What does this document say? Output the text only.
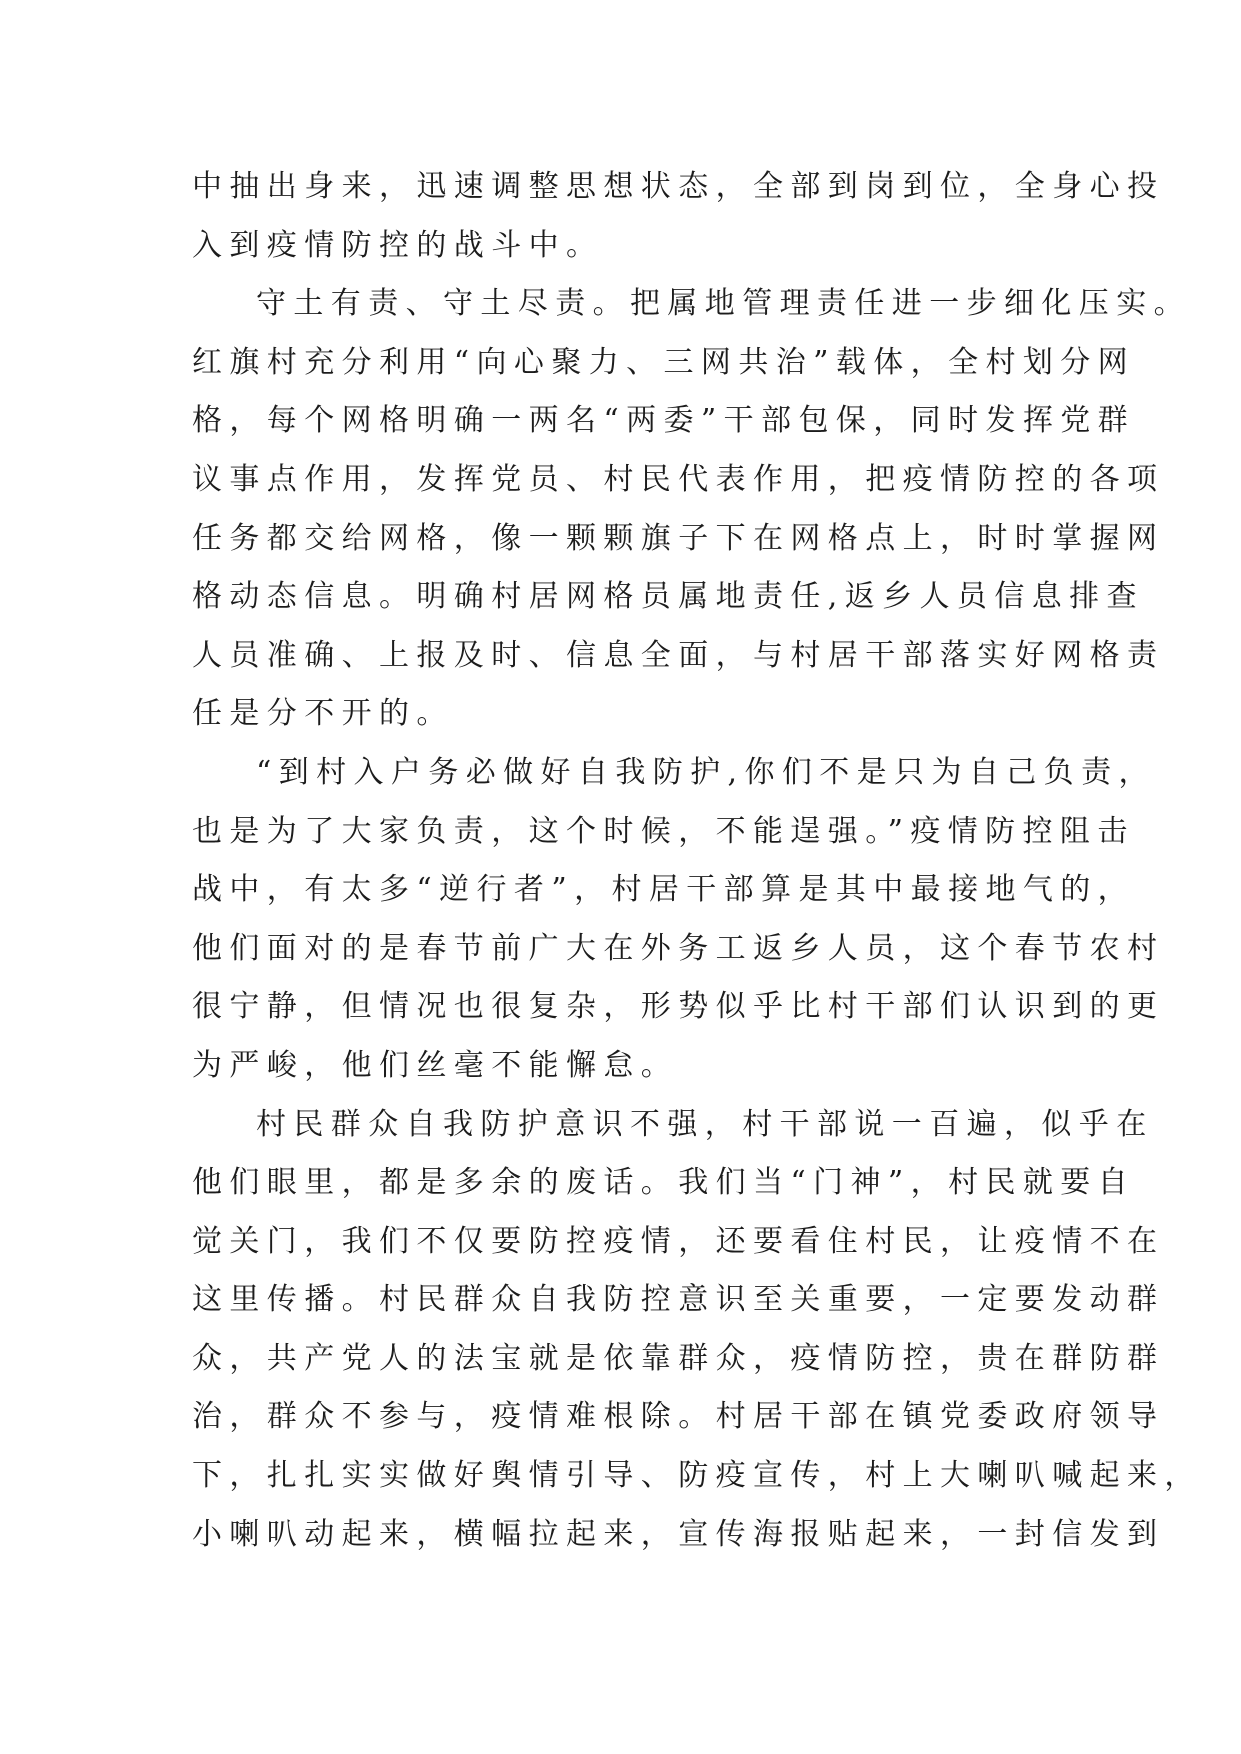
中抽出身来，迅速调整思想状态，全部到岗到位，全身心投
入到疫情防控的战斗中。
守土有责、守土尽责。把属地管理责任进一步细化压实。
红旗村充分利用“向心聚力、三网共治”载体，全村划分网
格，每个网格明确一两名“两委”干部包保，同时发挥党群
议事点作用，发挥党员、村民代表作用，把疫情防控的各项
任务都交给网格，像一颗颗旗子下在网格点上，时时掌握网
格动态信息。明确村居网格员属地责任,返乡人员信息排查
人员准确、上报及时、信息全面，与村居干部落实好网格责
任是分不开的。
“到村入户务必做好自我防护,你们不是只为自己负责，
也是为了大家负责，这个时候，不能逞强。”疫情防控阻击
战中，有太多“逆行者”，村居干部算是其中最接地气的，
他们面对的是春节前广大在外务工返乡人员，这个春节农村
很宁静，但情况也很复杂，形势似乎比村干部们认识到的更
为严峻，他们丝毫不能懈怠。
村民群众自我防护意识不强，村干部说一百遍，似乎在
他们眼里，都是多余的废话。我们当“门神”，村民就要自
觉关门，我们不仅要防控疫情，还要看住村民，让疫情不在
这里传播。村民群众自我防控意识至关重要，一定要发动群
众，共产党人的法宝就是依靠群众，疫情防控，贵在群防群
治，群众不参与，疫情难根除。村居干部在镇党委政府领导
下，扎扎实实做好舆情引导、防疫宣传，村上大喇叭喊起来，
小喇叭动起来，横幅拉起来，宣传海报贴起来，一封信发到
